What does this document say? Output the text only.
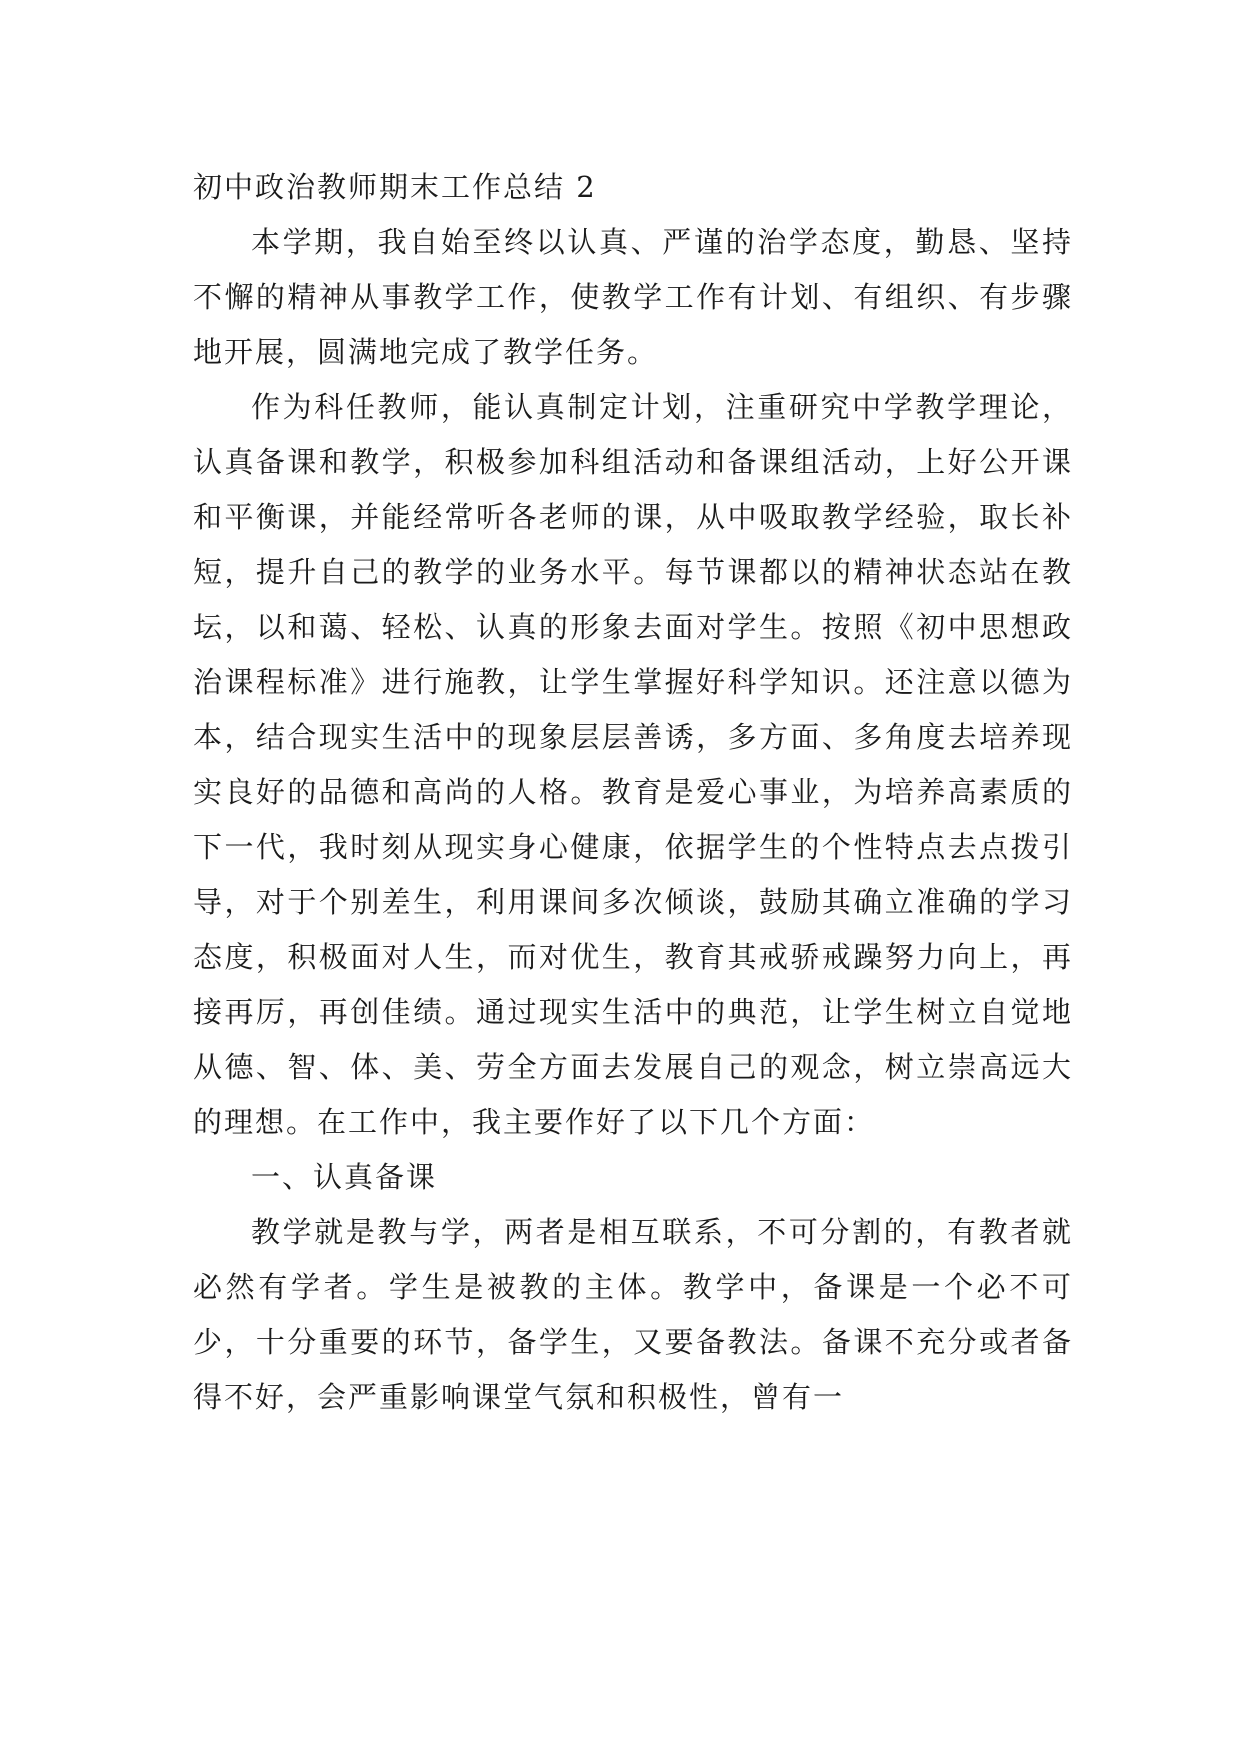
初中政治教师期末工作总结 2

本学期，我自始至终以认真、严谨的治学态度，勤恳、坚持不懈的精神从事教学工作，使教学工作有计划、有组织、有步骤地开展，圆满地完成了教学任务。

作为科任教师，能认真制定计划，注重研究中学教学理论，认真备课和教学，积极参加科组活动和备课组活动，上好公开课和平衡课，并能经常听各老师的课，从中吸取教学经验，取长补短，提升自己的教学的业务水平。每节课都以的精神状态站在教坛，以和蔼、轻松、认真的形象去面对学生。按照《初中思想政治课程标准》进行施教，让学生掌握好科学知识。还注意以德为本，结合现实生活中的现象层层善诱，多方面、多角度去培养现实良好的品德和高尚的人格。教育是爱心事业，为培养高素质的下一代，我时刻从现实身心健康，依据学生的个性特点去点拨引导，对于个别差生，利用课间多次倾谈，鼓励其确立准确的学习态度，积极面对人生，而对优生，教育其戒骄戒躁努力向上，再接再厉，再创佳绩。通过现实生活中的典范，让学生树立自觉地从德、智、体、美、劳全方面去发展自己的观念，树立崇高远大的理想。在工作中，我主要作好了以下几个方面：

一、认真备课

教学就是教与学，两者是相互联系，不可分割的，有教者就必然有学者。学生是被教的主体。教学中，备课是一个必不可少，十分重要的环节，备学生，又要备教法。备课不充分或者备得不好，会严重影响课堂气氛和积极性，曾有一
